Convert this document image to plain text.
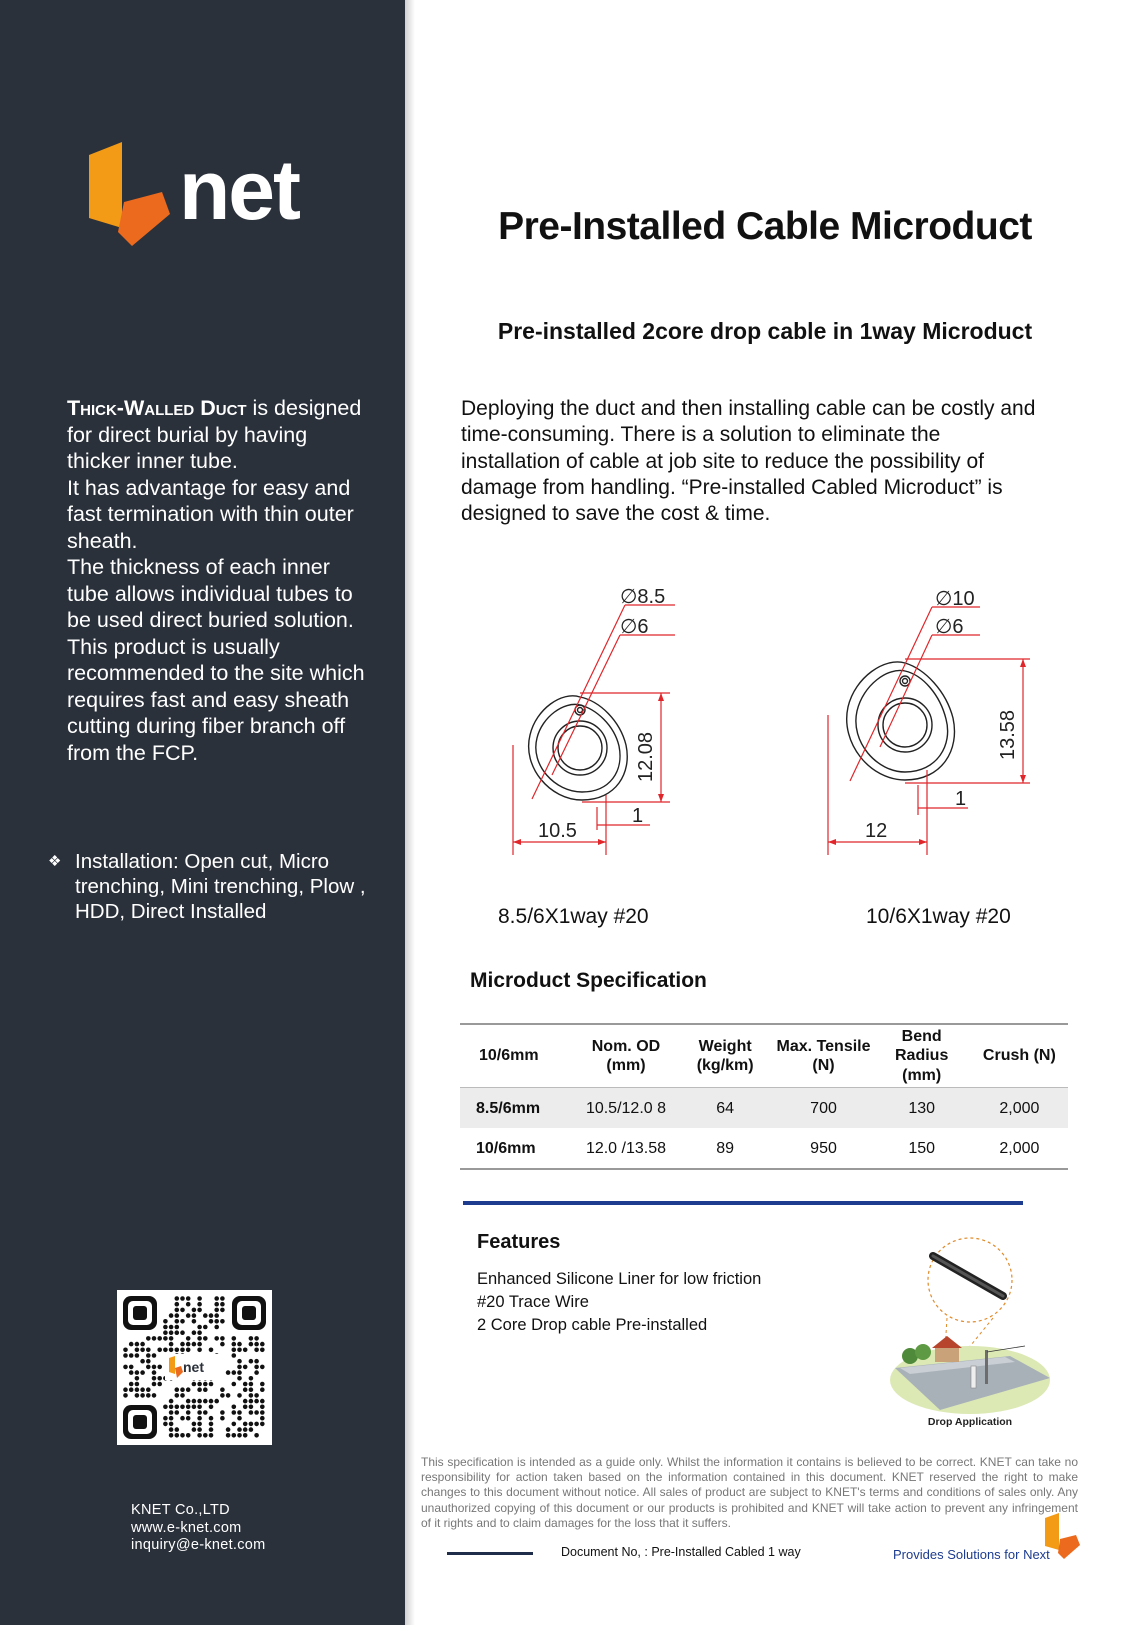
net

Thick-Walled Duct is designed for direct burial by having thicker inner tube.

It has advantage for easy and fast termination with thin outer sheath.

The thickness of each inner tube allows individual tubes to be used direct buried solution. This product is usually recommended to the site which requires fast and easy sheath cutting during fiber branch off from the FCP.

❖ Installation: Open cut, Micro trenching, Mini trenching, Plow , HDD, Direct Installed
net
KNET Co.,LTD
www.e-knet.com
inquiry@e-knet.com
Pre-Installed Cable Microduct
Pre-installed 2core drop cable in 1way Microduct
Deploying the duct and then installing cable can be costly and time-consuming. There is a solution to eliminate the installation of cable at job site to reduce the possibility of damage from handling. “Pre-installed Cabled Microduct” is designed to save the cost & time.
∅8.5
∅6
12.08
10.5
1
∅10
∅6
13.58
12
1
8.5/6X1way #20	10/6X1way #20
Microduct Specification
10/6mm	Nom. OD (mm)	Weight (kg/km)	Max. Tensile (N)	Bend Radius (mm)	Crush (N)
8.5/6mm	10.5/12.0 8	64	700	130	2,000
10/6mm	12.0 /13.58	89	950	150	2,000
Features
Enhanced Silicone Liner for low friction
#20 Trace Wire
2 Core Drop cable Pre-installed
Drop Application
This specification is intended as a guide only. Whilst the information it contains is believed to be correct. KNET can take no responsibility for action taken based on the information contained in this document. KNET reserved the right to make changes to this document without notice. All sales of product are subject to KNET's terms and conditions of sales only. Any unauthorized copying of this document or our products is prohibited and KNET will take action to prevent any infringement of it rights and to claim damages for the loss that it suffers.
Document No, : Pre-Installed Cabled 1 way	Provides Solutions for Next
